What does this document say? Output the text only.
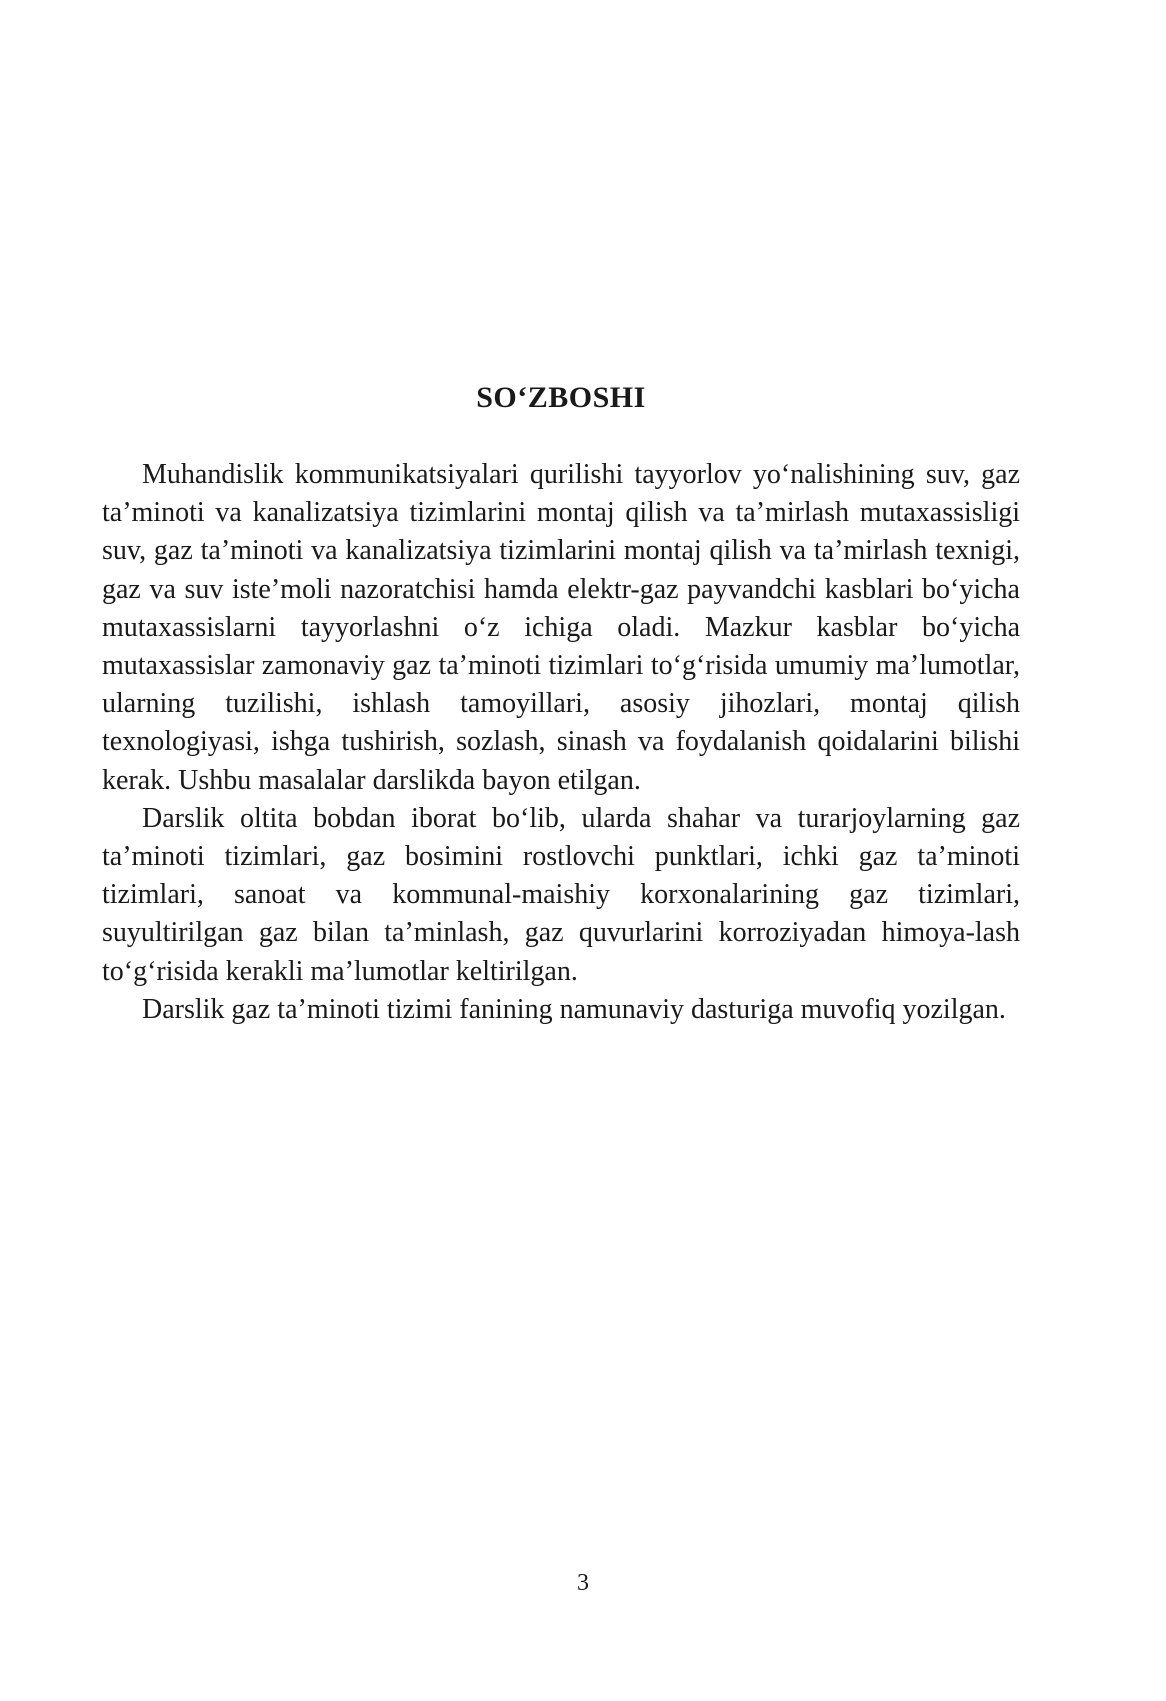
SO‘ZBOSHI

Muhandislik kommunikatsiyalari qurilishi tayyorlov yo‘nalishining suv, gaz ta’minoti va kanalizatsiya tizimlarini montaj qilish va ta’mirlash mutaxassisligi suv, gaz ta’minoti va kanalizatsiya tizimlarini montaj qilish va ta’mirlash texnigi, gaz va suv iste’moli nazoratchisi hamda elektr-gaz payvandchi kasblari bo‘yicha mutaxassislarni tayyorlashni o‘z ichiga oladi. Mazkur kasblar bo‘yicha mutaxassislar zamonaviy gaz ta’minoti tizimlari to‘g‘risida umumiy ma’lumotlar, ularning tuzilishi, ishlash tamoyillari, asosiy jihozlari, montaj qilish texnologiyasi, ishga tushirish, sozlash, sinash va foydalanish qoidalarini bilishi kerak. Ushbu masalalar darslikda bayon etilgan.

Darslik oltita bobdan iborat bo‘lib, ularda shahar va turarjoylarning gaz ta’minoti tizimlari, gaz bosimini rostlovchi punktlari, ichki gaz ta’minoti tizimlari, sanoat va kommunal-maishiy korxonalarining gaz tizimlari, suyultirilgan gaz bilan ta’minlash, gaz quvurlarini korroziyadan himoya-lash to‘g‘risida kerakli ma’lumotlar keltirilgan.

Darslik gaz ta’minoti tizimi fanining namunaviy dasturiga muvofiq yozilgan.

3
